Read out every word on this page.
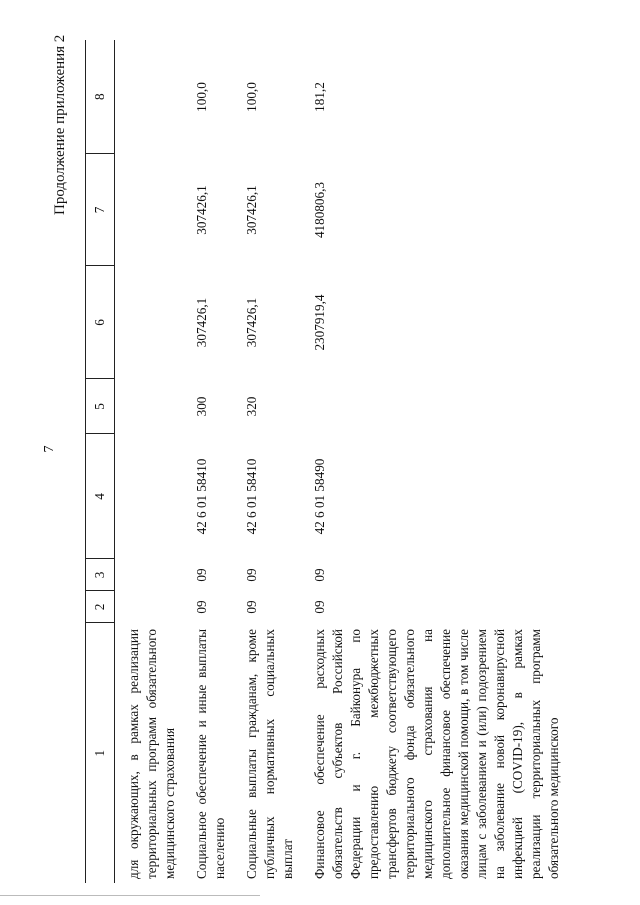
7
Продолжение приложения 2
1	2	3	4	5	6	7	8
для окружающих, в рамках реализации территориальных программ обязательного медицинского страхования							
Социальное обеспечение и иные выплаты населению	09	09	42 6 01 58410	300	307426,1	307426,1	100,0
Социальные выплаты гражданам, кроме публичных нормативных социальных выплат	09	09	42 6 01 58410	320	307426,1	307426,1	100,0
Финансовое обеспечение расходных обязательств субъектов Российской Федерации и г. Байконура по предоставлению межбюджетных трансфертов бюджету соответствующего территориального фонда обязательного медицинского страхования на дополнительное финансовое обеспечение оказания медицинской помощи, в том числе лицам с заболеванием и (или) подозрением на заболевание новой коронавирусной инфекцией (COVID-19), в рамках реализации территориальных программ обязательного медицинского	09	09	42 6 01 58490		2307919,4	4180806,3	181,2
